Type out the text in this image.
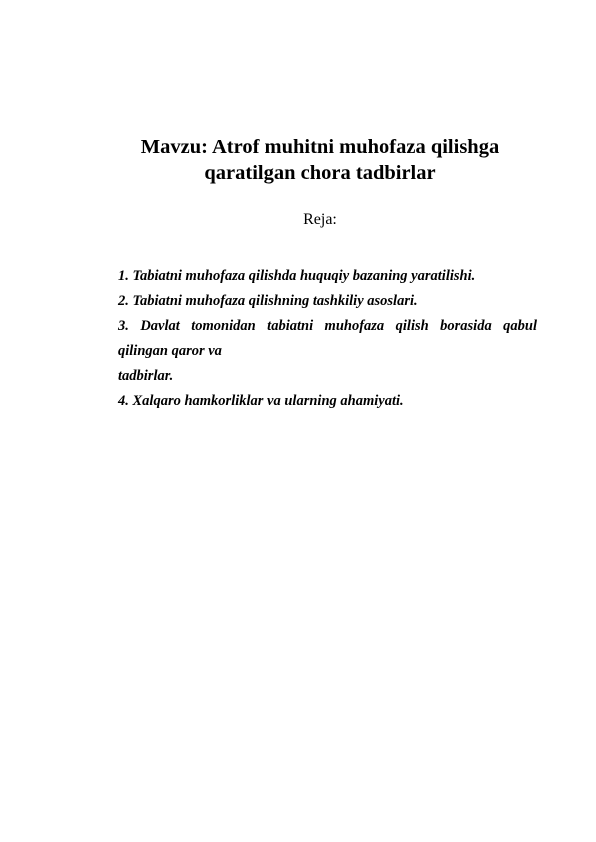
Mavzu: Atrof muhitni muhofaza qilishga
qaratilgan chora tadbirlar
Reja:
1. Tabiatni muhofaza qilishda huquqiy bazaning yaratilishi.
2. Tabiatni muhofaza qilishning tashkiliy asoslari.
3. Davlat tomonidan tabiatni muhofaza qilish borasida qabul
qilingan qaror va
tadbirlar.
4. Xalqaro hamkorliklar va ularning ahamiyati.
